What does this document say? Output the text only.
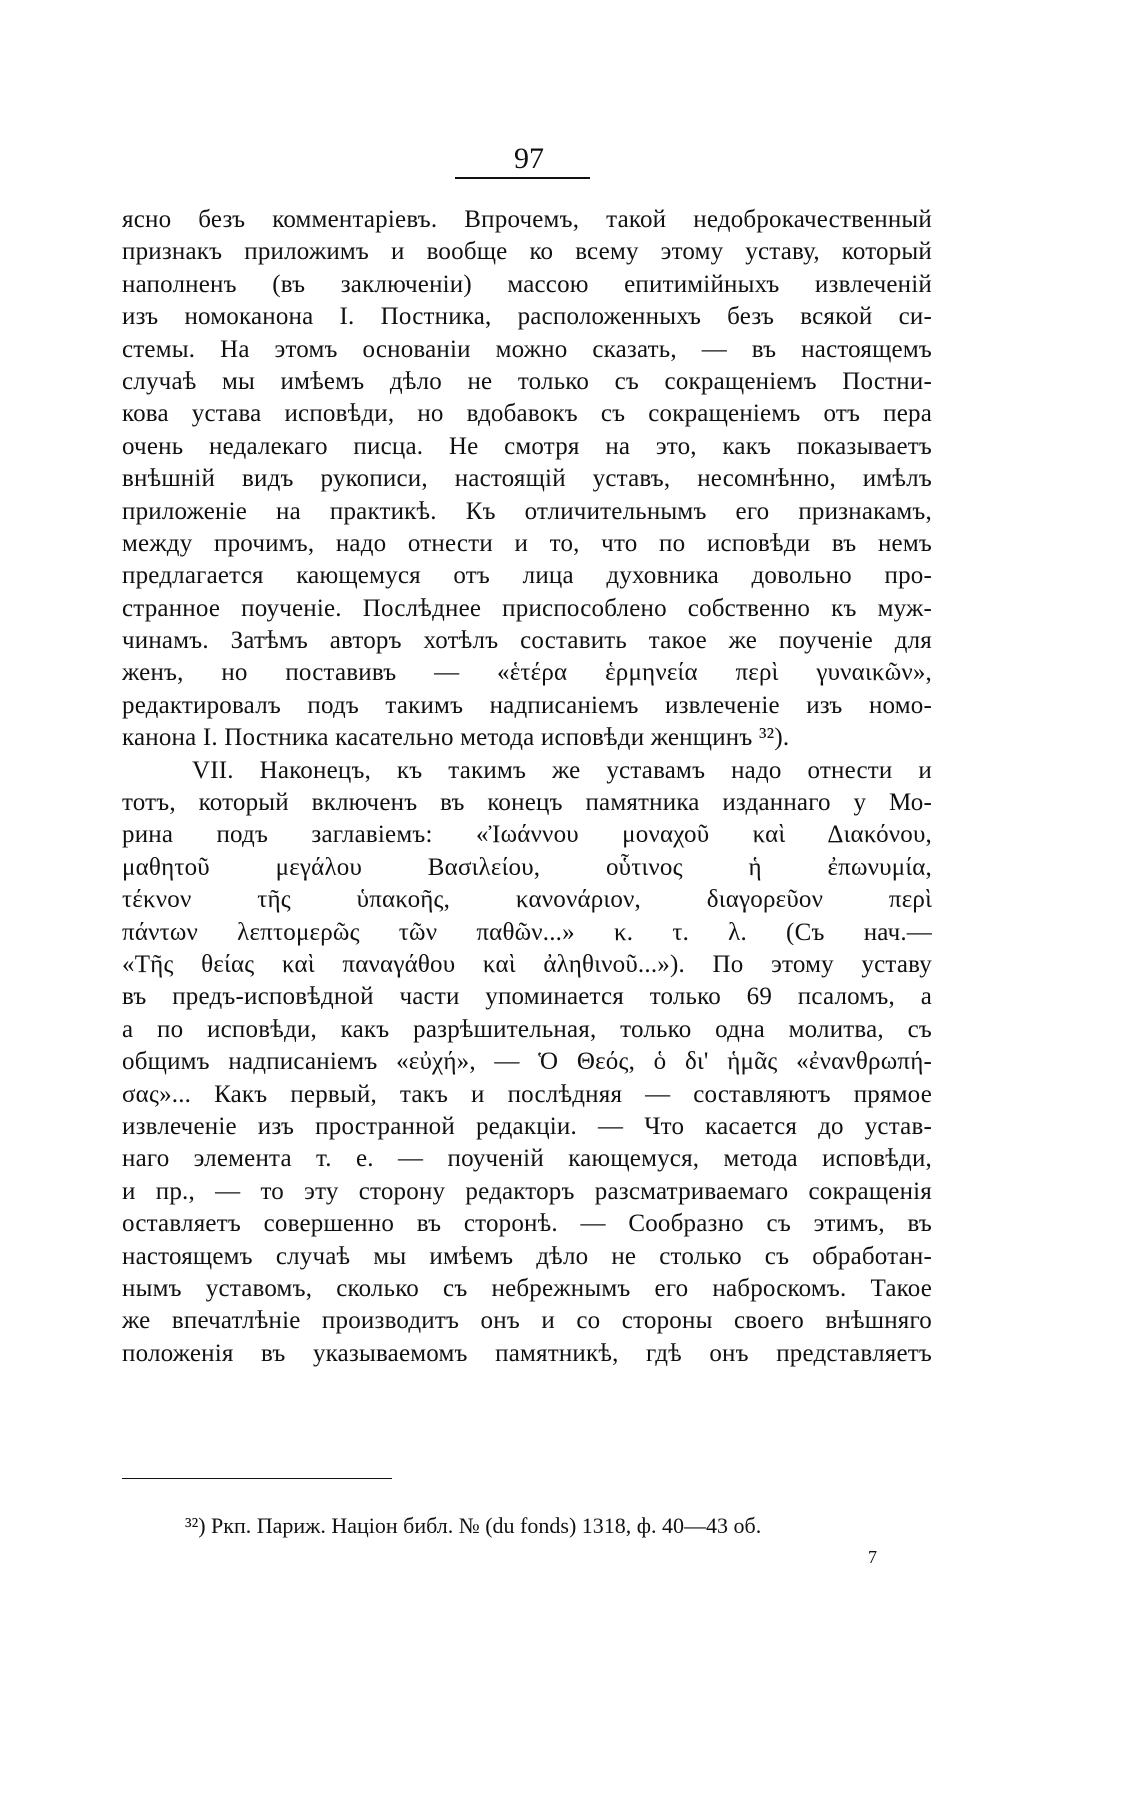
97
ясно безъ комментаріевъ. Впрочемъ, такой недоброкачественный
признакъ приложимъ и вообще ко всему этому уставу, который
наполненъ (въ заключеніи) массою епитимійныхъ извлеченій
изъ номоканона І. Постника, расположенныхъ безъ всякой си-
стемы. На этомъ основаніи можно сказать, — въ настоящемъ
случаѣ мы имѣемъ дѣло не только съ сокращеніемъ Постни-
кова устава исповѣди, но вдобавокъ съ сокращеніемъ отъ пера
очень недалекаго писца. Не смотря на это, какъ показываетъ
внѣшній видъ рукописи, настоящій уставъ, несомнѣнно, имѣлъ
приложеніе на практикѣ. Къ отличительнымъ его признакамъ,
между прочимъ, надо отнести и то, что по исповѣди въ немъ
предлагается кающемуся отъ лица духовника довольно про-
странное поученіе. Послѣднее приспособлено собственно къ муж-
чинамъ. Затѣмъ авторъ хотѣлъ составить такое же поученіе для
женъ, но поставивъ — «ἑτέρα ἑρμηνεία περὶ γυναικῶν»,
редактировалъ подъ такимъ надписаніемъ извлеченіе изъ номо-
канона І. Постника касательно метода исповѣди женщинъ ³²).
VII. Наконецъ, къ такимъ же уставамъ надо отнести и
тотъ, который включенъ въ конецъ памятника изданнаго у Мо-
рина подъ заглавіемъ: «Ἰωάννου μοναχοῦ καὶ Διακόνου,
μαθητοῦ μεγάλου Βασιλείου, οὗτινος ἡ ἐπωνυμία,
τέκνον τῆς ὑπακοῆς, κανονάριον, διαγορεῦον περὶ
πάντων λεπτομερῶς τῶν παθῶν...» κ. τ. λ. (Съ нач.—
«Τῆς θείας καὶ παναγάθου καὶ ἀληθινοῦ...»). По этому уставу
въ предъ-исповѣдной части упоминается только 69 псаломъ, а
а по исповѣди, какъ разрѣшительная, только одна молитва, съ
общимъ надписаніемъ «εὐχή», — Ὁ Θεός, ὁ δι' ἡμᾶς «ἐνανθρωπή-
σας»... Какъ первый, такъ и послѣдняя — составляютъ прямое
извлеченіе изъ пространной редакціи. — Что касается до устав-
наго элемента т. е. — поученій кающемуся, метода исповѣди,
и пр., — то эту сторону редакторъ разсматриваемаго сокращенія
оставляетъ совершенно въ сторонѣ. — Сообразно съ этимъ, въ
настоящемъ случаѣ мы имѣемъ дѣло не столько съ обработан-
нымъ уставомъ, сколько съ небрежнымъ его наброскомъ. Такое
же впечатлѣніе производитъ онъ и со стороны своего внѣшняго
положенія въ указываемомъ памятникѣ, гдѣ онъ представляетъ
³²) Ркп. Париж. Націон библ. № (du fonds) 1318, ф. 40—43 об.
7
